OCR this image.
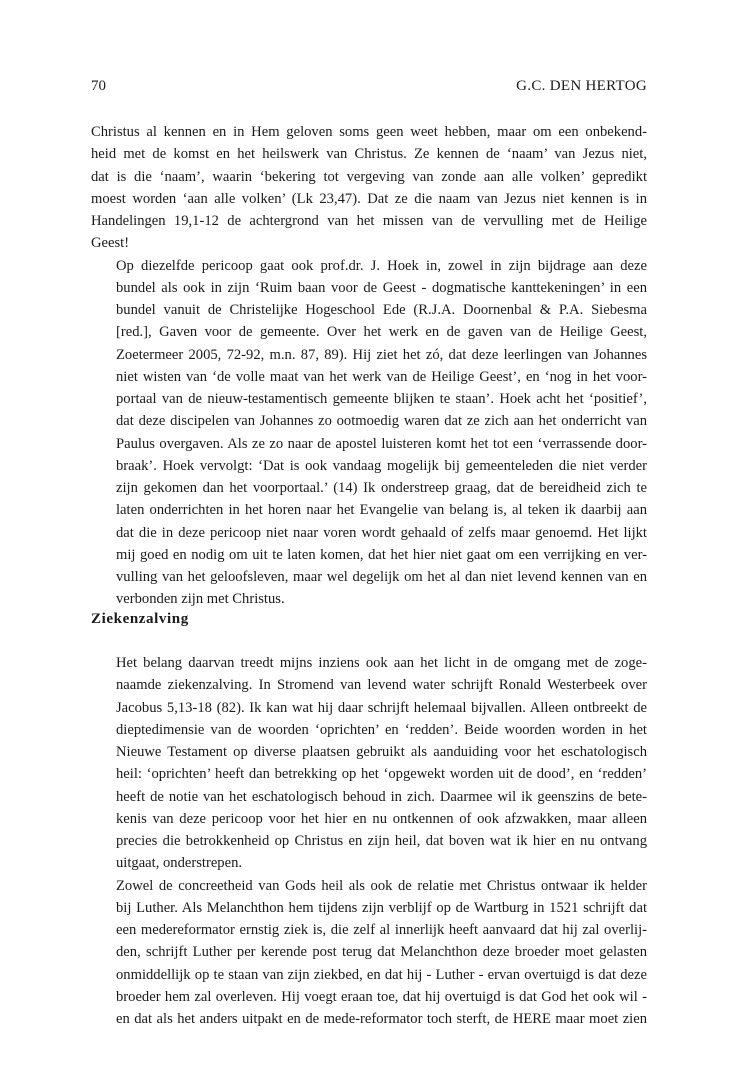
70	G.C. DEN HERTOG

Christus al kennen en in Hem geloven soms geen weet hebben, maar om een onbekend-
heid met de komst en het heilswerk van Christus. Ze kennen de ‘naam’ van Jezus niet,
dat is die ‘naam’, waarin ‘bekering tot vergeving van zonde aan alle volken’ gepredikt
moest worden ‘aan alle volken’ (Lk 23,47). Dat ze die naam van Jezus niet kennen is in
Handelingen 19,1-12 de achtergrond van het missen van de vervulling met de Heilige
Geest!

Op diezelfde pericoop gaat ook prof.dr. J. Hoek in, zowel in zijn bijdrage aan deze
bundel als ook in zijn ‘Ruim baan voor de Geest - dogmatische kanttekeningen’ in een
bundel vanuit de Christelijke Hogeschool Ede (R.J.A. Doornenbal & P.A. Siebesma
[red.], Gaven voor de gemeente. Over het werk en de gaven van de Heilige Geest,
Zoetermeer 2005, 72-92, m.n. 87, 89). Hij ziet het zó, dat deze leerlingen van Johannes
niet wisten van ‘de volle maat van het werk van de Heilige Geest’, en ‘nog in het voor-
portaal van de nieuw-testamentisch gemeente blijken te staan’. Hoek acht het ‘positief’,
dat deze discipelen van Johannes zo ootmoedig waren dat ze zich aan het onderricht van
Paulus overgaven. Als ze zo naar de apostel luisteren komt het tot een ‘verrassende door-
braak’. Hoek vervolgt: ‘Dat is ook vandaag mogelijk bij gemeenteleden die niet verder
zijn gekomen dan het voorportaal.’ (14) Ik onderstreep graag, dat de bereidheid zich te
laten onderrichten in het horen naar het Evangelie van belang is, al teken ik daarbij aan
dat die in deze pericoop niet naar voren wordt gehaald of zelfs maar genoemd. Het lijkt
mij goed en nodig om uit te laten komen, dat het hier niet gaat om een verrijking en ver-
vulling van het geloofsleven, maar wel degelijk om het al dan niet levend kennen van en
verbonden zijn met Christus.

Ziekenzalving

Het belang daarvan treedt mijns inziens ook aan het licht in de omgang met de zoge-
naamde ziekenzalving. In Stromend van levend water schrijft Ronald Westerbeek over
Jacobus 5,13-18 (82). Ik kan wat hij daar schrijft helemaal bijvallen. Alleen ontbreekt de
dieptedimensie van de woorden ‘oprichten’ en ‘redden’. Beide woorden worden in het
Nieuwe Testament op diverse plaatsen gebruikt als aanduiding voor het eschatologisch
heil: ‘oprichten’ heeft dan betrekking op het ‘opgewekt worden uit de dood’, en ‘redden’
heeft de notie van het eschatologisch behoud in zich. Daarmee wil ik geenszins de bete-
kenis van deze pericoop voor het hier en nu ontkennen of ook afzwakken, maar alleen
precies die betrokkenheid op Christus en zijn heil, dat boven wat ik hier en nu ontvang
uitgaat, onderstrepen.

Zowel de concreetheid van Gods heil als ook de relatie met Christus ontwaar ik helder
bij Luther. Als Melanchthon hem tijdens zijn verblijf op de Wartburg in 1521 schrijft dat
een medereformator ernstig ziek is, die zelf al innerlijk heeft aanvaard dat hij zal overlij-
den, schrijft Luther per kerende post terug dat Melanchthon deze broeder moet gelasten
onmiddellijk op te staan van zijn ziekbed, en dat hij - Luther - ervan overtuigd is dat deze
broeder hem zal overleven. Hij voegt eraan toe, dat hij overtuigd is dat God het ook wil -
en dat als het anders uitpakt en de mede-reformator toch sterft, de HERE maar moet zien
